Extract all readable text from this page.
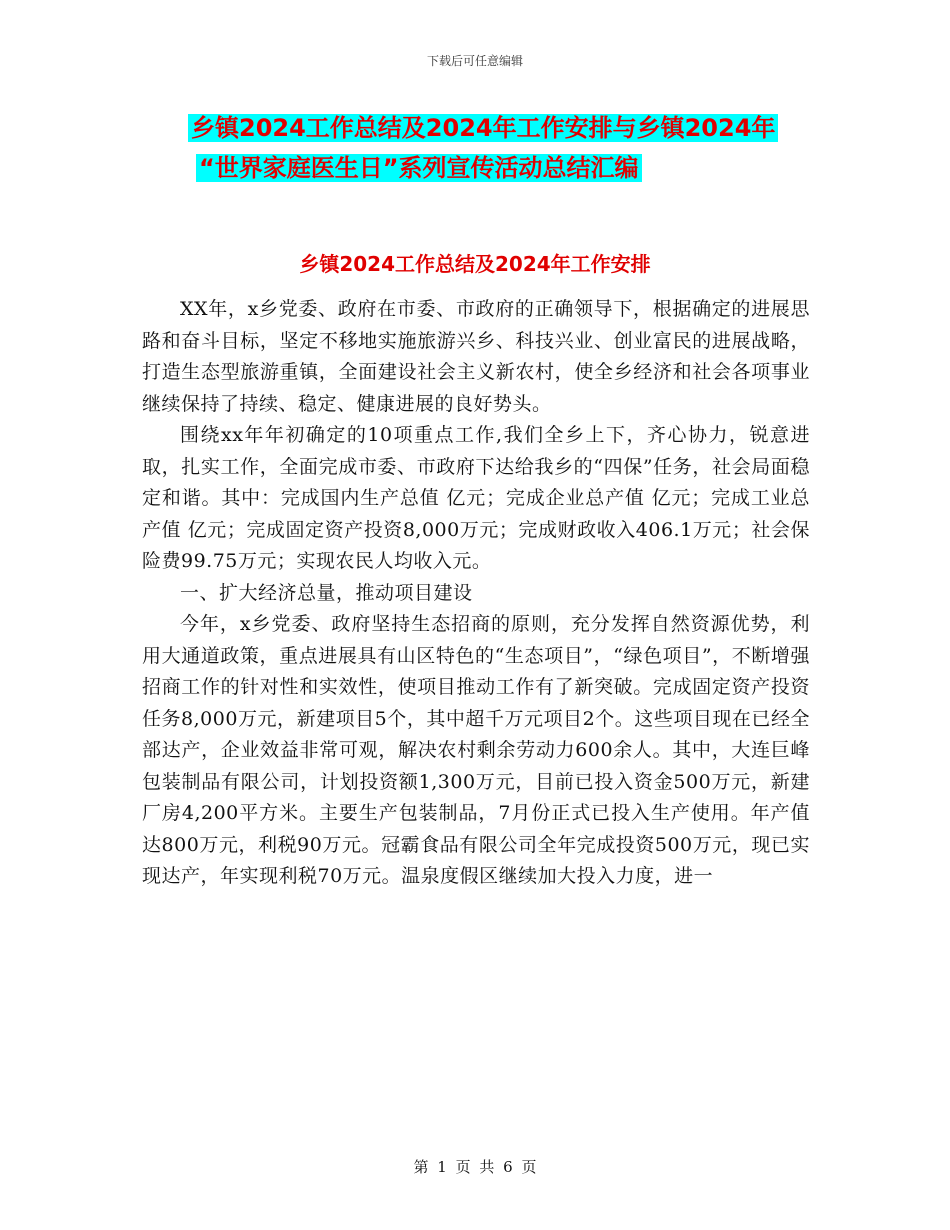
下载后可任意编辑
乡镇2024工作总结及2024年工作安排与乡镇2024年
“世界家庭医生日”系列宣传活动总结汇编
乡镇2024工作总结及2024年工作安排

XX年，x乡党委、政府在市委、市政府的正确领导下，根据确定的进展思路和奋斗目标，坚定不移地实施旅游兴乡、科技兴业、创业富民的进展战略，打造生态型旅游重镇，全面建设社会主义新农村，使全乡经济和社会各项事业继续保持了持续、稳定、健康进展的良好势头。

围绕xx年年初确定的10项重点工作,我们全乡上下，齐心协力，锐意进取，扎实工作，全面完成市委、市政府下达给我乡的“四保”任务，社会局面稳定和谐。其中：完成国内生产总值 亿元；完成企业总产值 亿元；完成工业总产值 亿元；完成固定资产投资8,000万元；完成财政收入406.1万元；社会保险费99.75万元；实现农民人均收入元。

一、扩大经济总量，推动项目建设

今年，x乡党委、政府坚持生态招商的原则，充分发挥自然资源优势，利用大通道政策，重点进展具有山区特色的“生态项目”，“绿色项目”，不断增强招商工作的针对性和实效性，使项目推动工作有了新突破。完成固定资产投资任务8,000万元，新建项目5个，其中超千万元项目2个。这些项目现在已经全部达产，企业效益非常可观，解决农村剩余劳动力600余人。其中，大连巨峰包装制品有限公司，计划投资额1,300万元，目前已投入资金500万元，新建厂房4,200平方米。主要生产包装制品，7月份正式已投入生产使用。年产值达800万元，利税90万元。冠霸食品有限公司全年完成投资500万元，现已实现达产，年实现利税70万元。温泉度假区继续加大投入力度，进一

第 1 页 共 6 页
